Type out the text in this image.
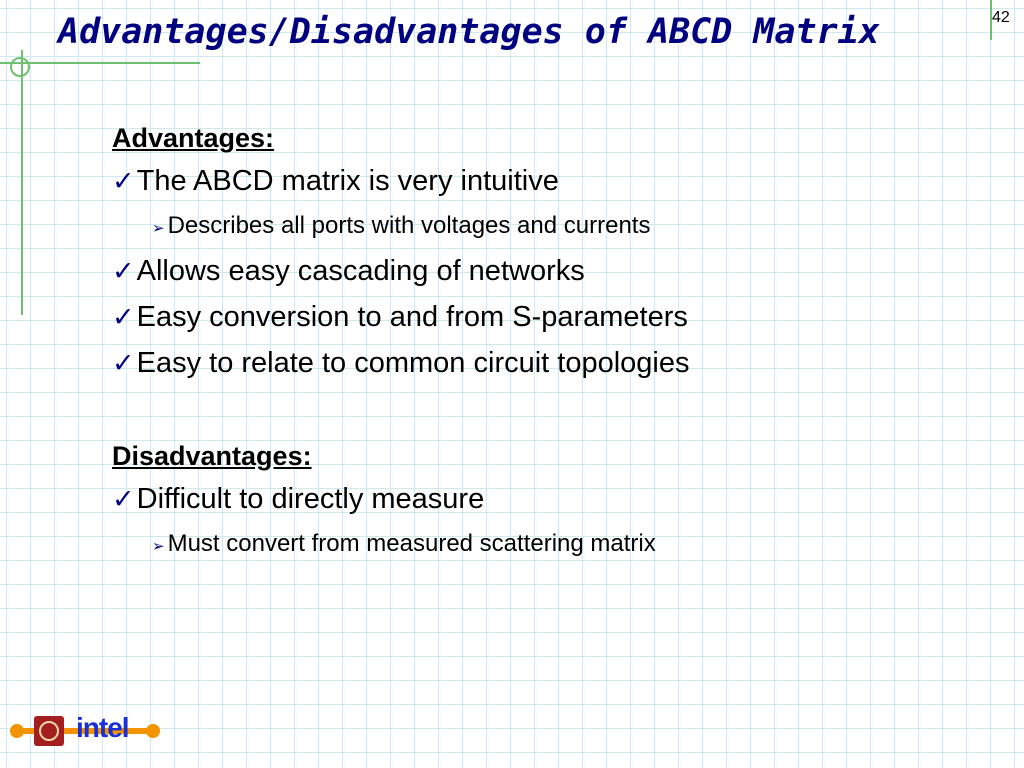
Advantages/Disadvantages of ABCD Matrix	42
Advantages:
✓The ABCD matrix is very intuitive
➢ Describes all ports with voltages and currents
✓Allows easy cascading of networks
✓Easy conversion to and from S-parameters
✓Easy to relate to common circuit topologies
Disadvantages:
✓Difficult to directly measure
➢ Must convert from measured scattering matrix
intel
